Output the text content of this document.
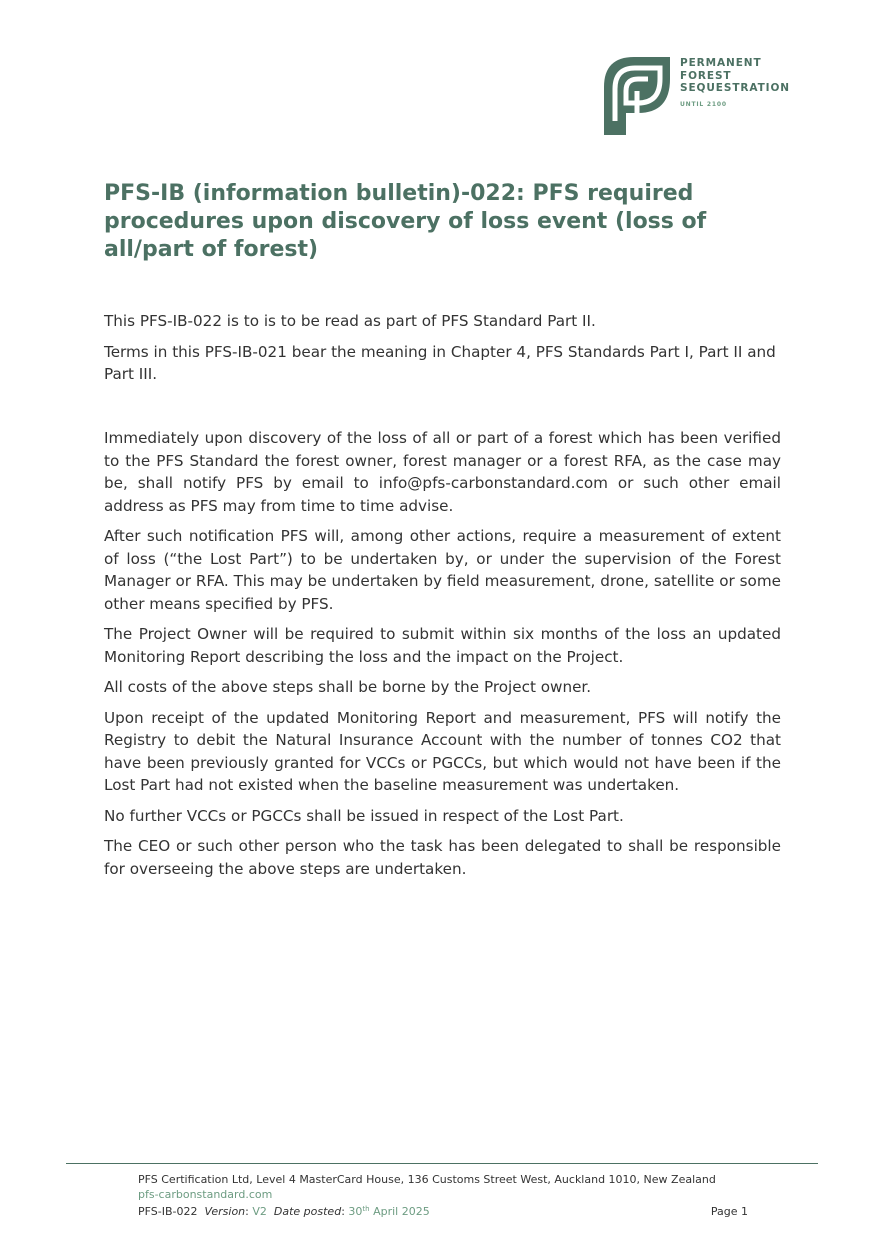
PERMANENT
FOREST
SEQUESTRATION
UNTIL 2100
PFS-IB (information bulletin)-022: PFS required procedures upon discovery of loss event (loss of all/part of forest)

This PFS-IB-022 is to is to be read as part of PFS Standard Part II.

Terms in this PFS-IB-021 bear the meaning in Chapter 4, PFS Standards Part I, Part II and Part III.

Immediately upon discovery of the loss of all or part of a forest which has been verified to the PFS Standard the forest owner, forest manager or a forest RFA, as the case may be, shall notify PFS by email to info@pfs-carbonstandard.com or such other email address as PFS may from time to time advise.

After such notification PFS will, among other actions, require a measurement of extent of loss (“the Lost Part”) to be undertaken by, or under the supervision of the Forest Manager or RFA. This may be undertaken by field measurement, drone, satellite or some other means specified by PFS.

The Project Owner will be required to submit within six months of the loss an updated Monitoring Report describing the loss and the impact on the Project.

All costs of the above steps shall be borne by the Project owner.

Upon receipt of the updated Monitoring Report and measurement, PFS will notify the Registry to debit the Natural Insurance Account with the number of tonnes CO2 that have been previously granted for VCCs or PGCCs, but which would not have been if the Lost Part had not existed when the baseline measurement was undertaken.

No further VCCs or PGCCs shall be issued in respect of the Lost Part.

The CEO or such other person who the task has been delegated to shall be responsible for overseeing the above steps are undertaken.

PFS Certification Ltd, Level 4 MasterCard House, 136 Customs Street West, Auckland 1010, New Zealand
pfs-carbonstandard.com
PFS-IB-022 Version: V2 Date posted: 30th April 2025	Page 1
